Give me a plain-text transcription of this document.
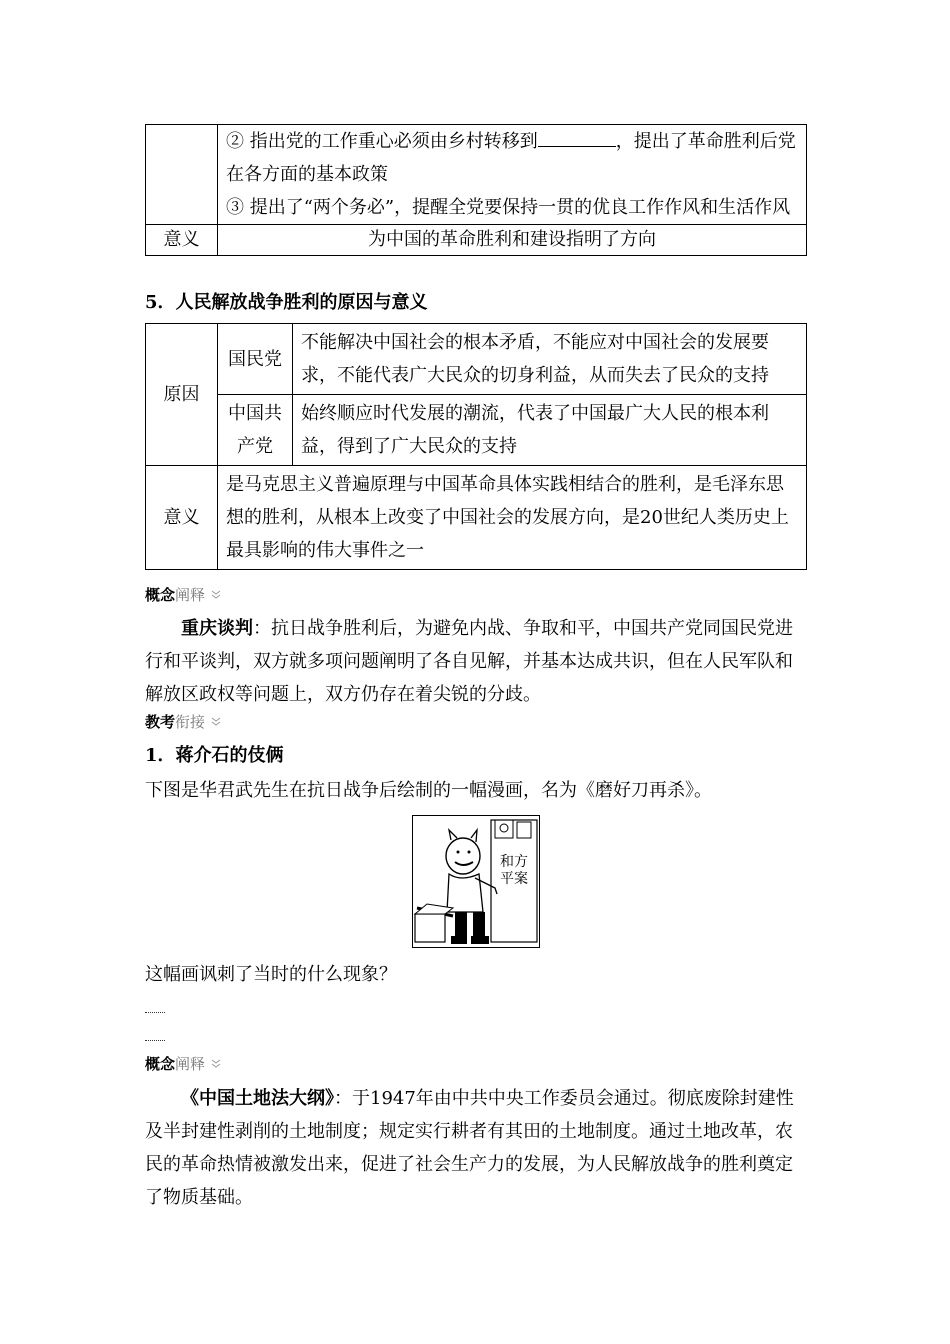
	② 指出党的工作重心必须由乡村转移到 ，提出了革命胜利后党在各方面的基本政策
③ 提出了“两个务必”，提醒全党要保持一贯的优良工作作风和生活作风
意义	为中国的革命胜利和建设指明了方向
5．人民解放战争胜利的原因与意义
原因	国民党	不能解决中国社会的根本矛盾，不能应对中国社会的发展要求，不能代表广大民众的切身利益，从而失去了民众的支持
	中国共产党	始终顺应时代发展的潮流，代表了中国最广大人民的根本利益，得到了广大民众的支持
意义	是马克思主义普遍原理与中国革命具体实践相结合的胜利，是毛泽东思想的胜利，从根本上改变了中国社会的发展方向，是20世纪人类历史上最具影响的伟大事件之一	
概念阐释
重庆谈判：抗日战争胜利后，为避免内战、争取和平，中国共产党同国民党进行和平谈判，双方就多项问题阐明了各自见解，并基本达成共识，但在人民军队和解放区政权等问题上，双方仍存在着尖锐的分歧。
教考衔接
1．蒋介石的伎俩
下图是华君武先生在抗日战争后绘制的一幅漫画，名为《磨好刀再杀》。
和方平案
这幅画讽刺了当时的什么现象？
概念阐释
《中国土地法大纲》：于1947年由中共中央工作委员会通过。彻底废除封建性及半封建性剥削的土地制度；规定实行耕者有其田的土地制度。通过土地改革，农民的革命热情被激发出来，促进了社会生产力的发展，为人民解放战争的胜利奠定了物质基础。
